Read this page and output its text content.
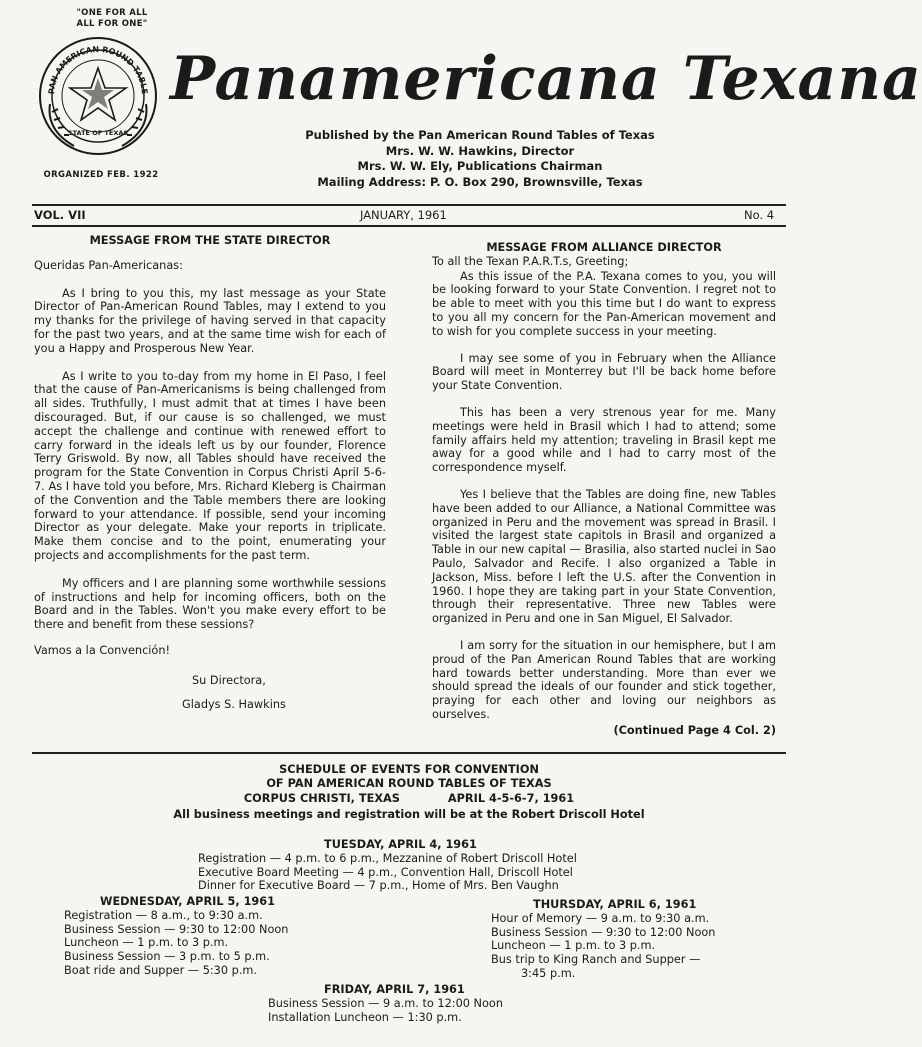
"ONE FOR ALL
ALL FOR ONE"
PAN AMERICAN ROUND TABLE
STATE OF TEXAS
ORGANIZED FEB. 1922
Panamericana Texana
Published by the Pan American Round Tables of Texas
Mrs. W. W. Hawkins, Director
Mrs. W. W. Ely, Publications Chairman
Mailing Address: P. O. Box 290, Brownsville, Texas
VOL. VII	JANUARY, 1961	No. 4

MESSAGE FROM THE STATE DIRECTOR

Queridas Pan-Americanas:

As I bring to you this, my last message as your State Director of Pan-American Round Tables, may I extend to you my thanks for the privilege of having served in that capacity for the past two years, and at the same time wish for each of you a Happy and Prosperous New Year.

As I write to you to-day from my home in El Paso, I feel that the cause of Pan-Americanisms is being challenged from all sides. Truthfully, I must admit that at times I have been discouraged. But, if our cause is so challenged, we must accept the challenge and continue with renewed effort to carry forward in the ideals left us by our founder, Florence Terry Griswold. By now, all Tables should have received the program for the State Convention in Corpus Christi April 5-6-7. As I have told you before, Mrs. Richard Kleberg is Chairman of the Convention and the Table members there are looking forward to your attendance. If possible, send your incoming Director as your delegate. Make your reports in triplicate. Make them concise and to the point, enumerating your projects and accomplishments for the past term.

My officers and I are planning some worthwhile sessions of instructions and help for incoming officers, both on the Board and in the Tables. Won't you make every effort to be there and benefit from these sessions?

Vamos a la Convención!

Su Directora,

Gladys S. Hawkins

MESSAGE FROM ALLIANCE DIRECTOR

To all the Texan P.A.R.T.s, Greeting;

As this issue of the P.A. Texana comes to you, you will be looking forward to your State Convention. I regret not to be able to meet with you this time but I do want to express to you all my concern for the Pan-American movement and to wish for you complete success in your meeting.

I may see some of you in February when the Alliance Board will meet in Monterrey but I'll be back home before your State Convention.

This has been a very strenous year for me. Many meetings were held in Brasil which I had to attend; some family affairs held my attention; traveling in Brasil kept me away for a good while and I had to carry most of the correspondence myself.

Yes I believe that the Tables are doing fine, new Tables have been added to our Alliance, a National Committee was organized in Peru and the movement was spread in Brasil. I visited the largest state capitols in Brasil and organized a Table in our new capital — Brasilia, also started nuclei in Sao Paulo, Salvador and Recife. I also organized a Table in Jackson, Miss. before I left the U.S. after the Convention in 1960. I hope they are taking part in your State Convention, through their representative. Three new Tables were organized in Peru and one in San Miguel, El Salvador.

I am sorry for the situation in our hemisphere, but I am proud of the Pan American Round Tables that are working hard towards better understanding. More than ever we should spread the ideals of our founder and stick together, praying for each other and loving our neighbors as ourselves.

(Continued Page 4 Col. 2)

SCHEDULE OF EVENTS FOR CONVENTION
OF PAN AMERICAN ROUND TABLES OF TEXAS
CORPUS CHRISTI, TEXAS	APRIL 4-5-6-7, 1961
All business meetings and registration will be at the Robert Driscoll Hotel
TUESDAY, APRIL 4, 1961
Registration — 4 p.m. to 6 p.m., Mezzanine of Robert Driscoll Hotel
Executive Board Meeting — 4 p.m., Convention Hall, Driscoll Hotel
Dinner for Executive Board — 7 p.m., Home of Mrs. Ben Vaughn
WEDNESDAY, APRIL 5, 1961
Registration — 8 a.m., to 9:30 a.m.
Business Session — 9:30 to 12:00 Noon
Luncheon — 1 p.m. to 3 p.m.
Business Session — 3 p.m. to 5 p.m.
Boat ride and Supper — 5:30 p.m.
THURSDAY, APRIL 6, 1961
Hour of Memory — 9 a.m. to 9:30 a.m.
Business Session — 9:30 to 12:00 Noon
Luncheon — 1 p.m. to 3 p.m.
Bus trip to King Ranch and Supper —
3:45 p.m.
FRIDAY, APRIL 7, 1961
Business Session — 9 a.m. to 12:00 Noon
Installation Luncheon — 1:30 p.m.
